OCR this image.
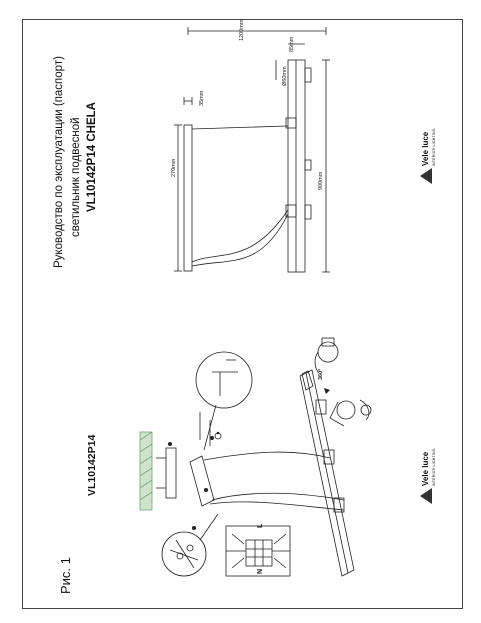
Руководство по эксплуатации (паспорт) светильник подвесной VL10142P14 CHELA
Рис. 1
VL10142P14
1200mm
85mm
Ø60mm
35mm
270mm
900mm
N
L
360°
Vele luce INTERIOR LIGHTING
Vele luce INTERIOR LIGHTING
